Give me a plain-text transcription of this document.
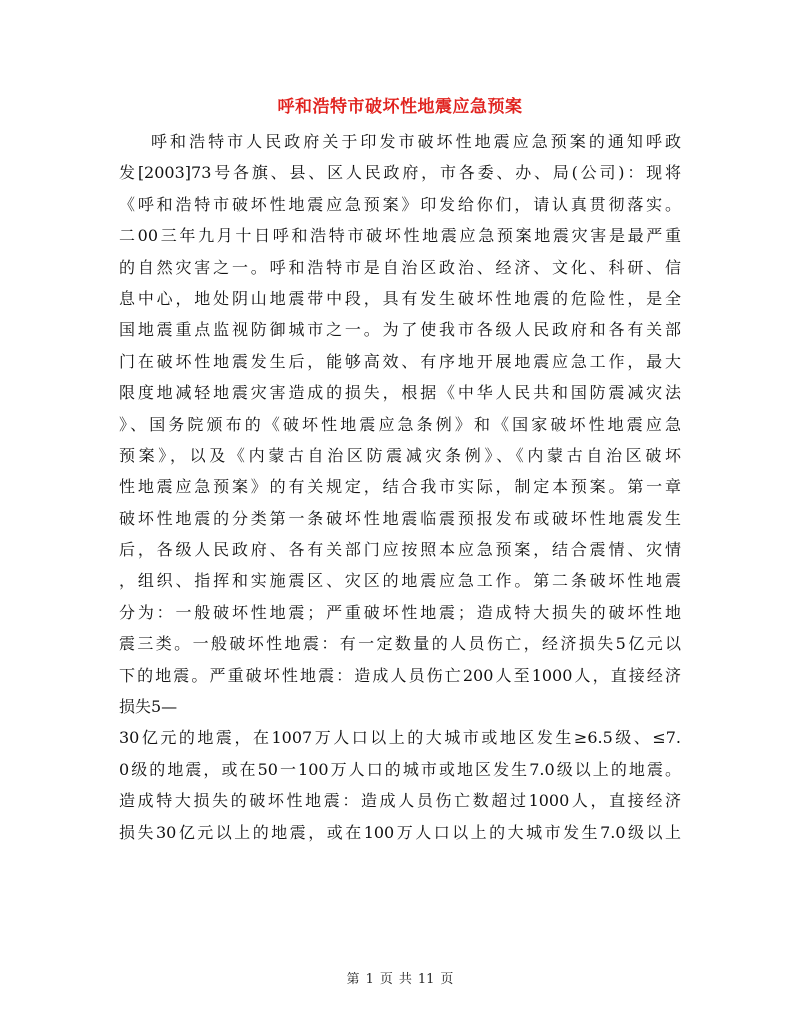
呼和浩特市破坏性地震应急预案
呼和浩特市人民政府关于印发市破坏性地震应急预案的通知呼政
发[2003]73号各旗、县、区人民政府，市各委、办、局(公司)：现将
《呼和浩特市破坏性地震应急预案》印发给你们，请认真贯彻落实。
二00三年九月十日呼和浩特市破坏性地震应急预案地震灾害是最严重
的自然灾害之一。呼和浩特市是自治区政治、经济、文化、科研、信
息中心，地处阴山地震带中段，具有发生破坏性地震的危险性，是全
国地震重点监视防御城市之一。为了使我市各级人民政府和各有关部
门在破坏性地震发生后，能够高效、有序地开展地震应急工作，最大
限度地减轻地震灾害造成的损失，根据《中华人民共和国防震减灾法
》、国务院颁布的《破坏性地震应急条例》和《国家破坏性地震应急
预案》，以及《内蒙古自治区防震减灾条例》、《内蒙古自治区破坏
性地震应急预案》的有关规定，结合我市实际，制定本预案。第一章
破坏性地震的分类第一条破坏性地震临震预报发布或破坏性地震发生
后，各级人民政府、各有关部门应按照本应急预案，结合震情、灾情
，组织、指挥和实施震区、灾区的地震应急工作。第二条破坏性地震
分为：一般破坏性地震；严重破坏性地震；造成特大损失的破坏性地
震三类。一般破坏性地震：有一定数量的人员伤亡，经济损失5亿元以
下的地震。严重破坏性地震：造成人员伤亡200人至1000人，直接经济
损失5—
30亿元的地震，在1007万人口以上的大城市或地区发生≥6.5级、≤7.
0级的地震，或在50一100万人口的城市或地区发生7.0级以上的地震。
造成特大损失的破坏性地震：造成人员伤亡数超过1000人，直接经济
损失30亿元以上的地震，或在100万人口以上的大城市发生7.0级以上
第 1 页 共 11 页
